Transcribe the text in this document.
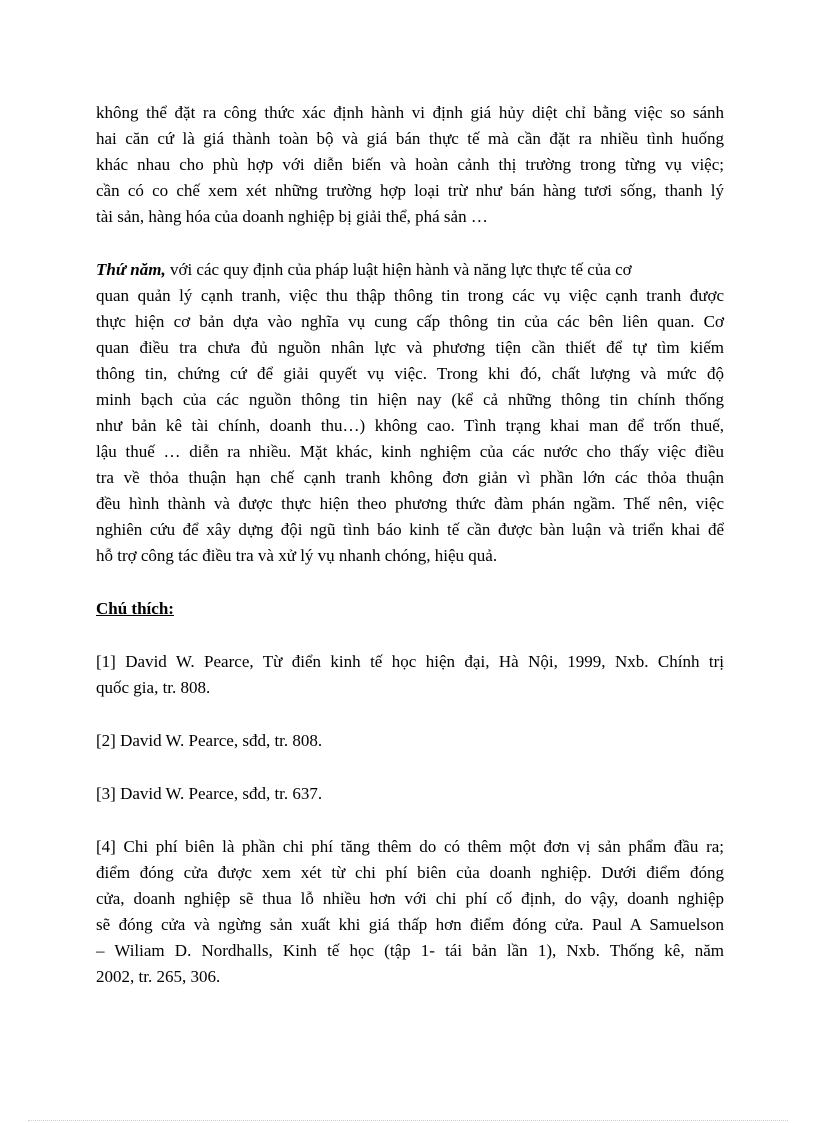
không thể đặt ra công thức xác định hành vi định giá hủy diệt chỉ bằng việc so sánh
hai căn cứ là giá thành toàn bộ và giá bán thực tế mà cần đặt ra nhiều tình huống
khác nhau cho phù hợp với diễn biến và hoàn cảnh thị trường trong từng vụ việc;
cần có co chế xem xét những trường hợp loại trừ như bán hàng tươi sống, thanh lý
tài sản, hàng hóa của doanh nghiệp bị giải thể, phá sản …
Thứ năm, với các quy định của pháp luật hiện hành và năng lực thực tế của cơ
quan quản lý cạnh tranh, việc thu thập thông tin trong các vụ việc cạnh tranh được
thực hiện cơ bản dựa vào nghĩa vụ cung cấp thông tin của các bên liên quan. Cơ
quan điều tra chưa đủ nguồn nhân lực và phương tiện cần thiết để tự tìm kiếm
thông tin, chứng cứ để giải quyết vụ việc. Trong khi đó, chất lượng và mức độ
minh bạch của các nguồn thông tin hiện nay (kể cả những thông tin chính thống
như bản kê tài chính, doanh thu…) không cao. Tình trạng khai man để trốn thuế,
lậu thuế … diễn ra nhiều. Mặt khác, kinh nghiệm của các nước cho thấy việc điều
tra về thỏa thuận hạn chế cạnh tranh không đơn giản vì phần lớn các thỏa thuận
đều hình thành và được thực hiện theo phương thức đàm phán ngầm. Thế nên, việc
nghiên cứu để xây dựng đội ngũ tình báo kinh tế cần được bàn luận và triển khai để
hỗ trợ công tác điều tra và xử lý vụ nhanh chóng, hiệu quả.
Chú thích:
[1] David W. Pearce, Từ điển kinh tế học hiện đại, Hà Nội, 1999, Nxb. Chính trị
quốc gia, tr. 808.
[2] David W. Pearce, sđd, tr. 808.
[3] David W. Pearce, sđd, tr. 637.
[4] Chi phí biên là phần chi phí tăng thêm do có thêm một đơn vị sản phẩm đầu ra;
điểm đóng cửa được xem xét từ chi phí biên của doanh nghiệp. Dưới điểm đóng
cửa, doanh nghiệp sẽ thua lỗ nhiều hơn với chi phí cố định, do vậy, doanh nghiệp
sẽ đóng cửa và ngừng sản xuất khi giá thấp hơn điểm đóng cửa. Paul A Samuelson
– Wiliam D. Nordhalls, Kinh tế học (tập 1- tái bản lần 1), Nxb. Thống kê, năm
2002, tr. 265, 306.
